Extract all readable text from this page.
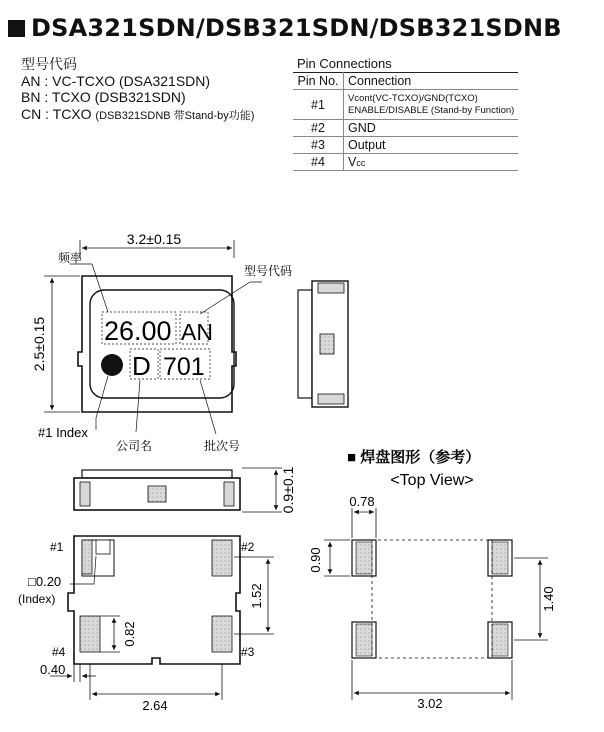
DSA321SDN/DSB321SDN/DSB321SDNB
型号代码
AN : VC-TCXO (DSA321SDN)
BN : TCXO (DSB321SDN)
CN : TCXO (DSB321SDNB 带Stand-by功能)
Pin Connections
Pin No.	Connection
#1	Vcont(VC-TCXO)/GND(TCXO)
ENABLE/DISABLE (Stand-by Function)

#2	GND
#3	Output
#4	Vcc
3.2±0.15
2.5±0.15 26.00 AN
D 701
频率
型号代码
#1 Index
公司名	批次号
0.9±0.1
#1	#2
#3
#4
□0.20
(Index)	1.52
0.82
0.40
2.64
■ 焊盘图形（参考）
<Top View>
0.78
0.90
1.40
3.02
